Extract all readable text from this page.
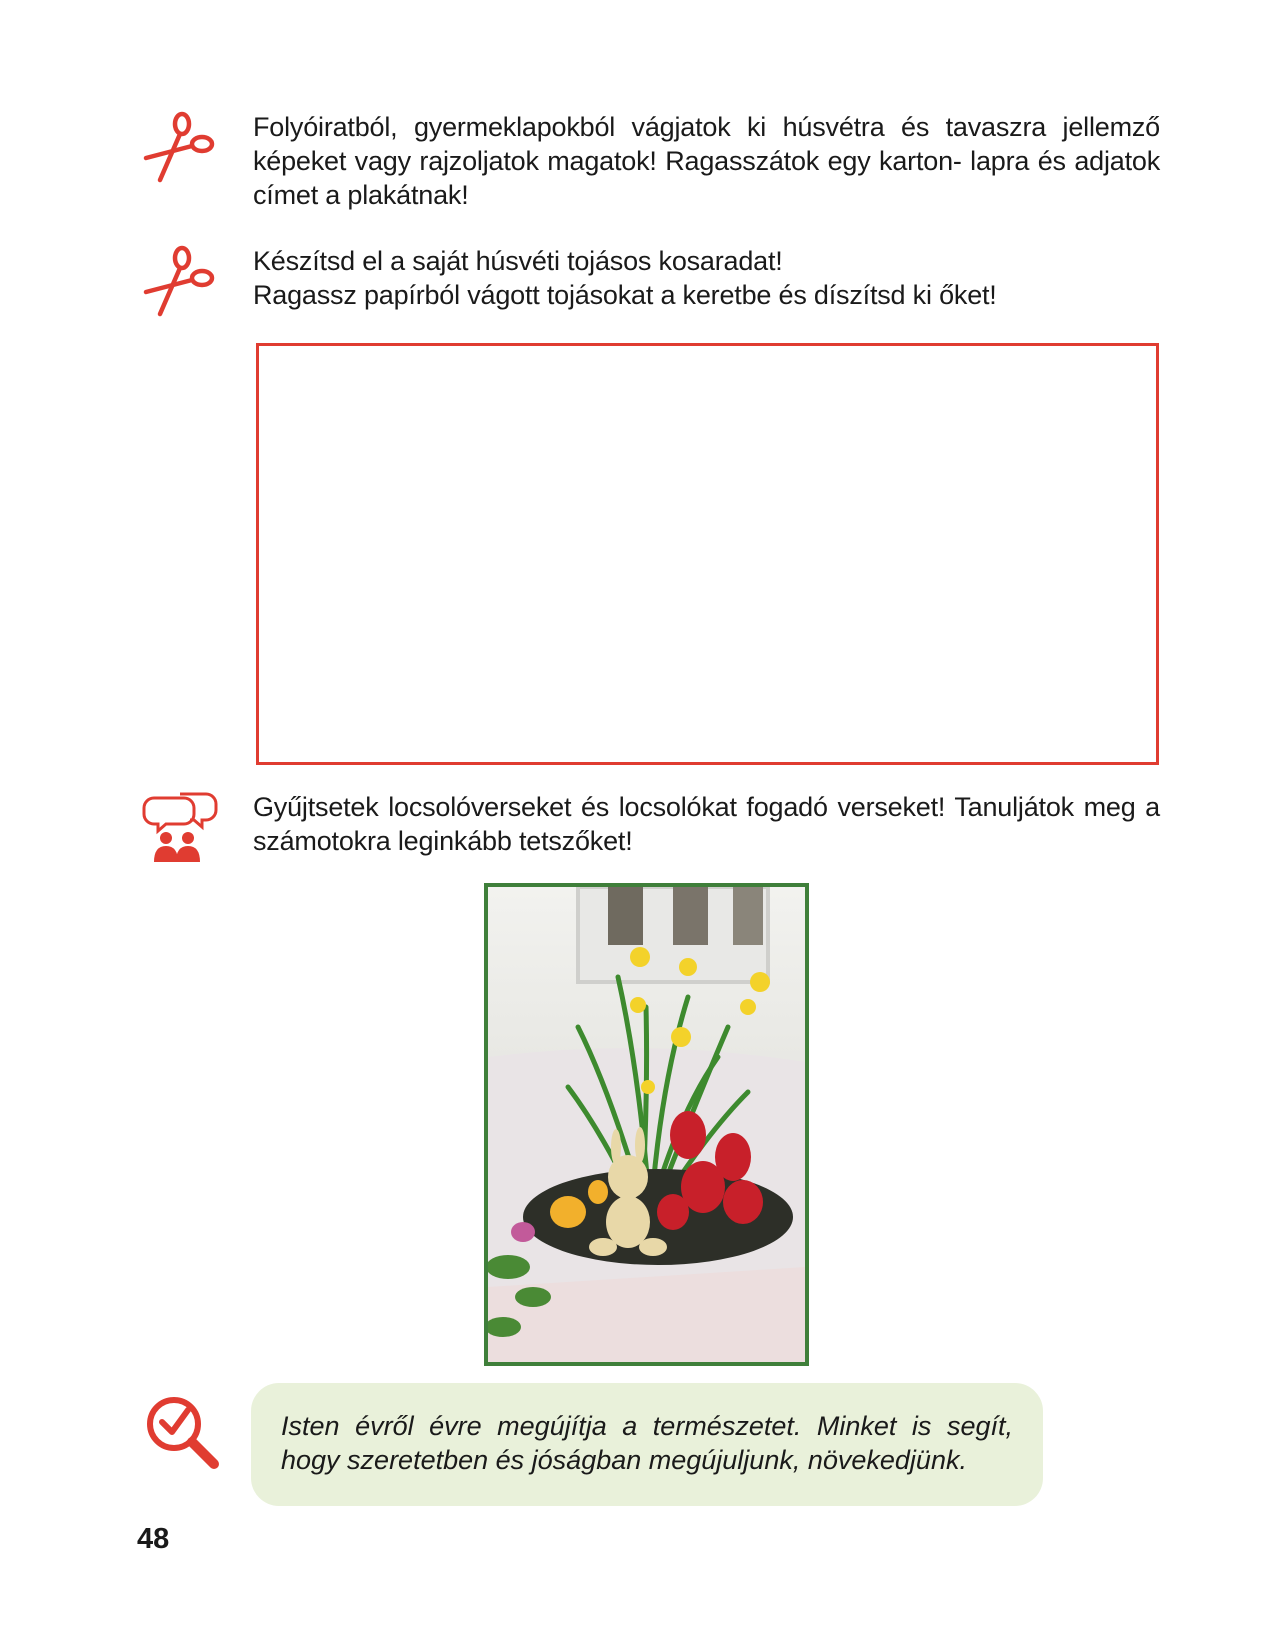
Folyóiratból, gyermeklapokból vágjatok ki húsvétra és tavaszra jellemző képeket vagy rajzoljatok magatok! Ragasszátok egy karton- lapra és adjatok címet a plakátnak!

Készítsd el a saját húsvéti tojásos kosaradat!

Ragassz papírból vágott tojásokat a keretbe és díszítsd ki őket!

Gyűjtsetek locsolóverseket és locsolókat fogadó verseket! Tanuljátok meg a számotokra leginkább tetszőket!

Isten évről évre megújítja a természetet. Minket is segít, hogy szeretetben és jóságban megújuljunk, növekedjünk.

48
